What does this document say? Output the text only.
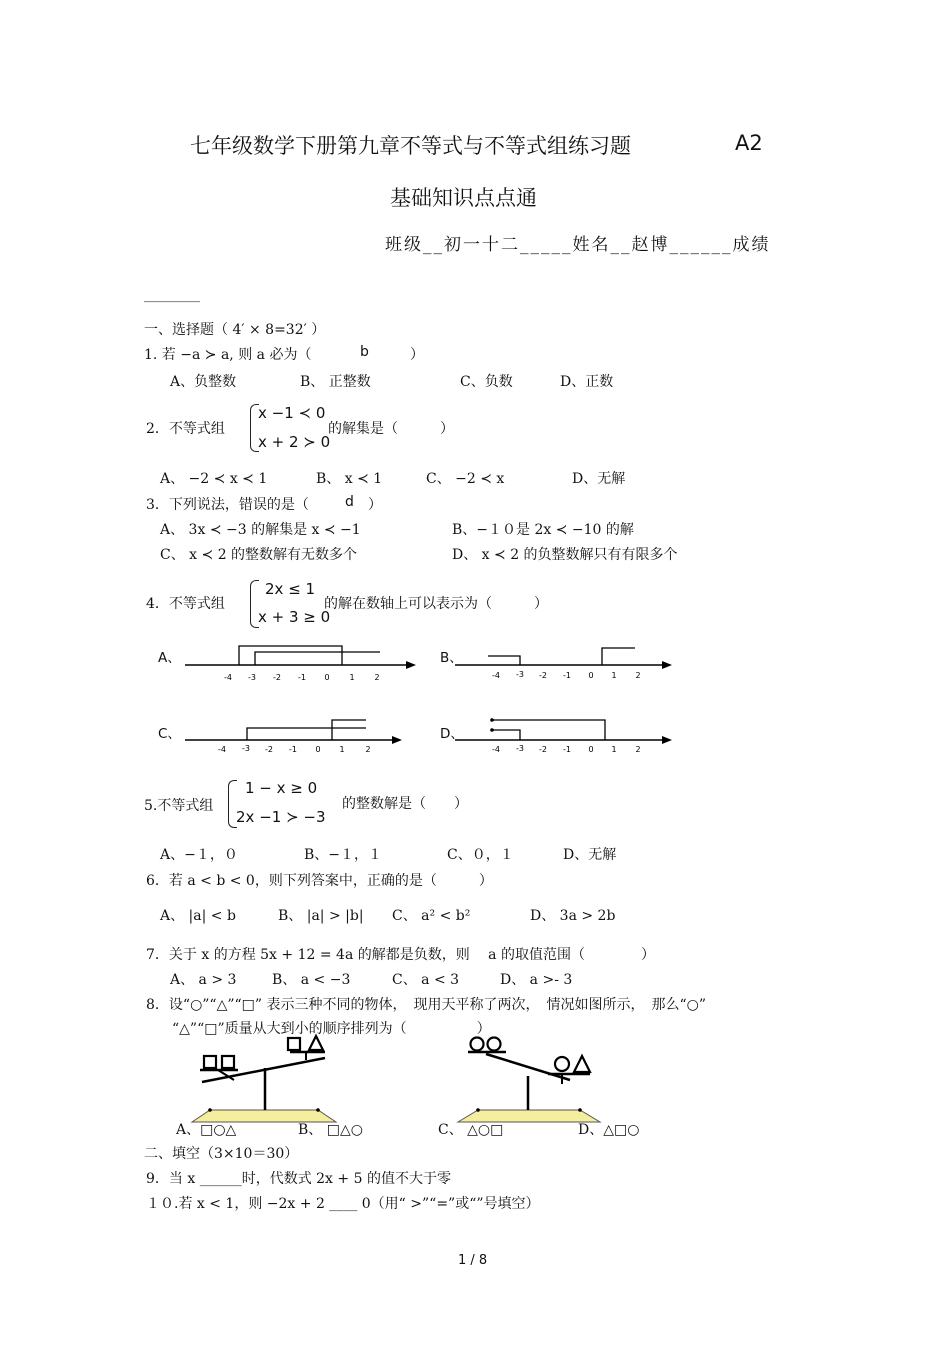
七年级数学下册第九章不等式与不等式组练习题	A2
基础知识点点通
班级__初一十二_____姓名__赵博______成绩
________
一、选择题（ 4′ × 8=32′ ）
1. 若 −a ≻ a, 则 a 必为（	b	）
A、负整数	B、 正整数	C、负数	D、正数
2．不等式组
x −1 ≺ 0
x + 2 ≻ 0
的解集是（　　　）
A、 −2 ≺ x ≺ 1	B、 x ≺ 1	C、 −2 ≺ x	D、无解
3．下列说法，错误的是（	d ）
A、 3x ≺ −3 的解集是 x ≺ −1	B、−１０是 2x ≺ −10 的解
C、 x ≺ 2 的整数解有无数多个	D、 x ≺ 2 的负整数解只有有限多个
4．不等式组
2x ≤ 1
x + 3 ≥ 0
的解在数轴上可以表示为（　　　）
A、
-4 -3 -2 -1 0 1 2
B、
-4 -3 -2 -1 0 1 2
C、
-4 -3 -2 -1 0 1	2
D、
-4 -3 -2 -1 0 1 2
5.不等式组
1 − x ≥ 0
2x −1 ≻ −3
的整数解是（　　）
A、−１，０	B、−１，１	C、０，１	D、无解
6．若 a < b < 0，则下列答案中，正确的是（　　　）
A、 |a| < b	B、 |a| > |b| C、 a² < b²	D、 3a > 2b
7．关于 x 的方程 5x + 12 = 4a 的解都是负数，则　 a 的取值范围（　　　　）
A、 a > 3	B、 a < −3	C、 a < 3	D、 a >- 3
8．设“○”“△”“□” 表示三种不同的物体，　现用天平称了两次，　情况如图所示，　那么“○”
“△”“□”质量从大到小的顺序排列为（　　　　　）
A、□○△	B、 □△○	C、 △○□	D、△□○
二、填空（3×10＝30）
9．当 x ______时，代数式 2x + 5 的值不大于零
１０.若 x < 1，则 −2x + 2 ____ 0（用“ >”“=”或“”号填空）
1 / 8
